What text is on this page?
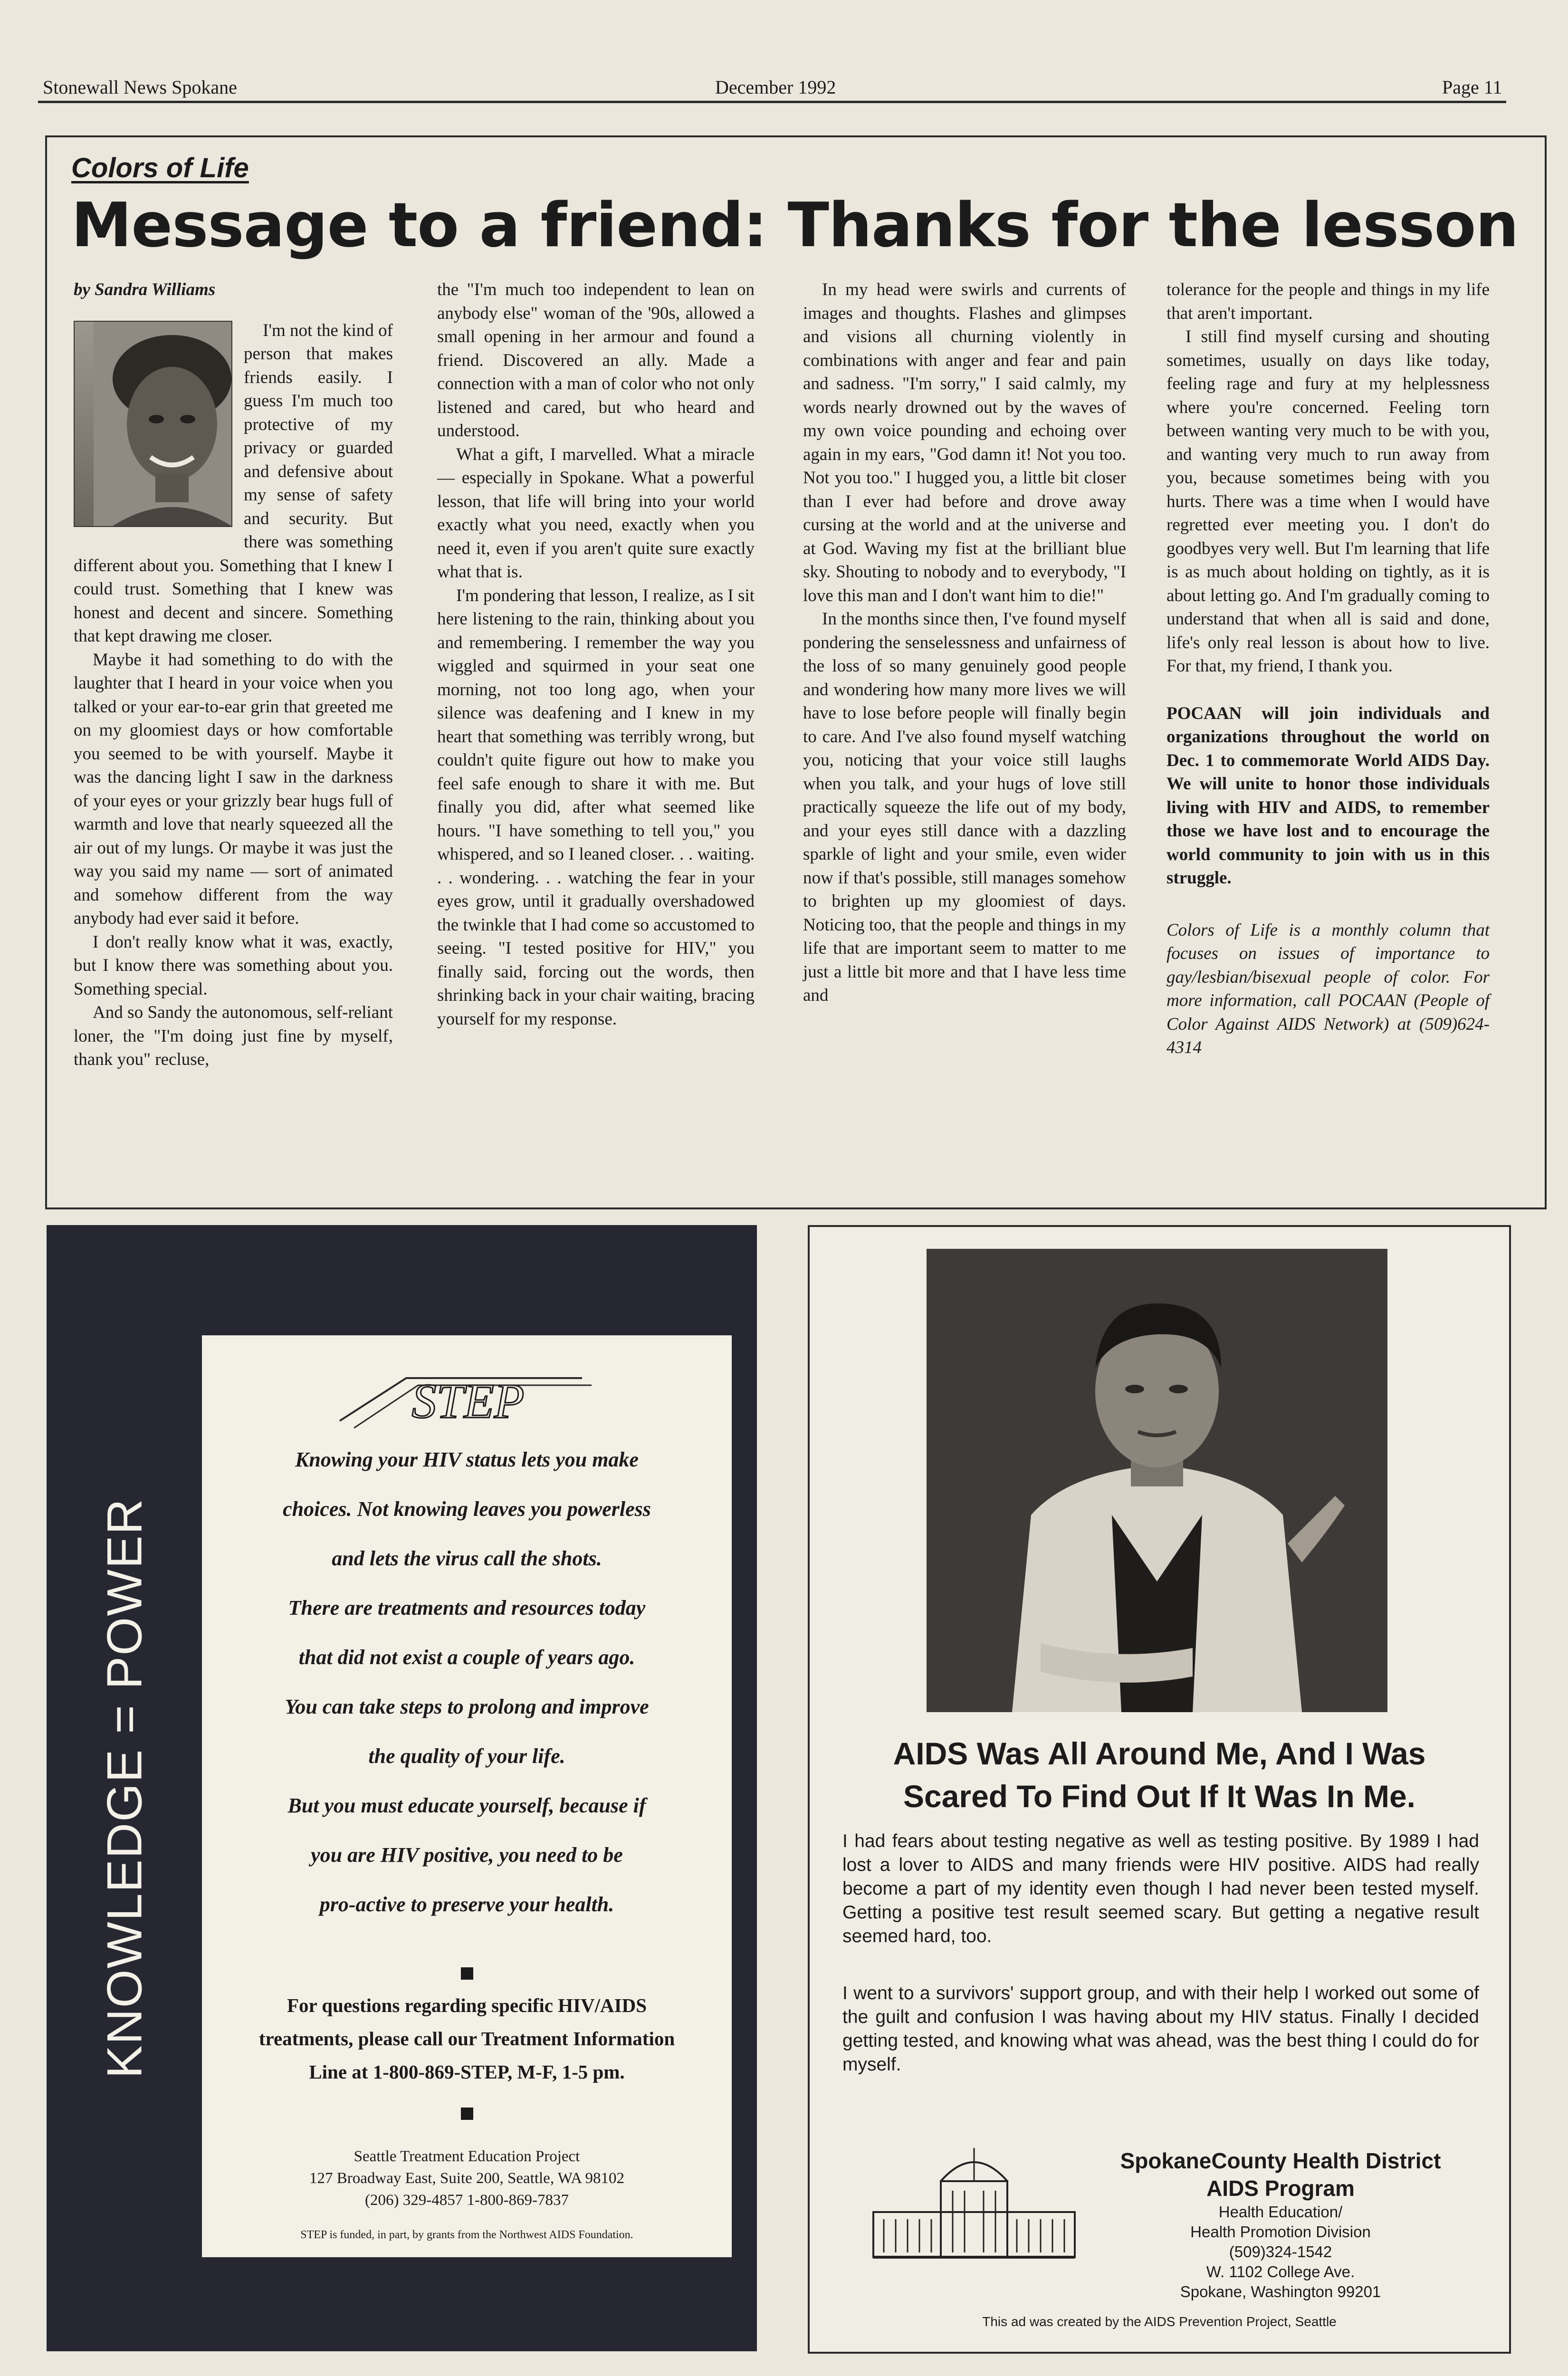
Stonewall News Spokane	December 1992	Page 11
Colors of Life
Message to a friend: Thanks for the lesson
by Sandra Williams

I'm not the kind of person that makes friends easily. I guess I'm much too protective of my privacy or guarded and defensive about my sense of safety and security. But there was something different about you. Something that I knew I could trust. Something that I knew was honest and decent and sincere. Something that kept drawing me closer.

Maybe it had something to do with the laughter that I heard in your voice when you talked or your ear-to-ear grin that greeted me on my gloomiest days or how comfortable you seemed to be with yourself. Maybe it was the dancing light I saw in the darkness of your eyes or your grizzly bear hugs full of warmth and love that nearly squeezed all the air out of my lungs. Or maybe it was just the way you said my name — sort of animated and somehow different from the way anybody had ever said it before.

I don't really know what it was, exactly, but I know there was something about you. Something special.

And so Sandy the autonomous, self-reliant loner, the "I'm doing just fine by myself, thank you" recluse,

the "I'm much too independent to lean on anybody else" woman of the '90s, allowed a small opening in her armour and found a friend. Discovered an ally. Made a connection with a man of color who not only listened and cared, but who heard and understood.

What a gift, I marvelled. What a miracle — especially in Spokane. What a powerful lesson, that life will bring into your world exactly what you need, exactly when you need it, even if you aren't quite sure exactly what that is.

I'm pondering that lesson, I realize, as I sit here listening to the rain, thinking about you and remembering. I remember the way you wiggled and squirmed in your seat one morning, not too long ago, when your silence was deafening and I knew in my heart that something was terribly wrong, but couldn't quite figure out how to make you feel safe enough to share it with me. But finally you did, after what seemed like hours. "I have something to tell you," you whispered, and so I leaned closer. . . waiting. . . wondering. . . watching the fear in your eyes grow, until it gradually overshadowed the twinkle that I had come so accustomed to seeing. "I tested positive for HIV," you finally said, forcing out the words, then shrinking back in your chair waiting, bracing yourself for my response.

In my head were swirls and currents of images and thoughts. Flashes and glimpses and visions all churning violently in combinations with anger and fear and pain and sadness. "I'm sorry," I said calmly, my words nearly drowned out by the waves of my own voice pounding and echoing over again in my ears, "God damn it! Not you too. Not you too." I hugged you, a little bit closer than I ever had before and drove away cursing at the world and at the universe and at God. Waving my fist at the brilliant blue sky. Shouting to nobody and to everybody, "I love this man and I don't want him to die!"

In the months since then, I've found myself pondering the senselessness and unfairness of the loss of so many genuinely good people and wondering how many more lives we will have to lose before people will finally begin to care. And I've also found myself watching you, noticing that your voice still laughs when you talk, and your hugs of love still practically squeeze the life out of my body, and your eyes still dance with a dazzling sparkle of light and your smile, even wider now if that's possible, still manages somehow to brighten up my gloomiest of days. Noticing too, that the people and things in my life that are important seem to matter to me just a little bit more and that I have less time and

tolerance for the people and things in my life that aren't important.

I still find myself cursing and shouting sometimes, usually on days like today, feeling rage and fury at my helplessness where you're concerned. Feeling torn between wanting very much to be with you, and wanting very much to run away from you, because sometimes being with you hurts. There was a time when I would have regretted ever meeting you. I don't do goodbyes very well. But I'm learning that life is as much about holding on tightly, as it is about letting go. And I'm gradually coming to understand that when all is said and done, life's only real lesson is about how to live. For that, my friend, I thank you.

POCAAN will join individuals and organizations throughout the world on Dec. 1 to commemorate World AIDS Day. We will unite to honor those individuals living with HIV and AIDS, to remember those we have lost and to encourage the world community to join with us in this struggle.

Colors of Life is a monthly column that focuses on issues of importance to gay/lesbian/bisexual people of color. For more information, call POCAAN (People of Color Against AIDS Network) at (509)624-4314

KNOWLEDGE = POWER
STEP
Knowing your HIV status lets you make
choices. Not knowing leaves you powerless
and lets the virus call the shots.
There are treatments and resources today
that did not exist a couple of years ago.
You can take steps to prolong and improve
the quality of your life.
But you must educate yourself, because if
you are HIV positive, you need to be
pro-active to preserve your health.
For questions regarding specific HIV/AIDS
treatments, please call our Treatment Information
Line at 1-800-869-STEP, M-F, 1-5 pm.
Seattle Treatment Education Project
127 Broadway East, Suite 200, Seattle, WA 98102
(206) 329-4857 1-800-869-7837
STEP is funded, in part, by grants from the Northwest AIDS Foundation.
AIDS Was All Around Me, And I Was
Scared To Find Out If It Was In Me.
I had fears about testing negative as well as testing positive. By 1989 I had lost a lover to AIDS and many friends were HIV positive. AIDS had really become a part of my identity even though I had never been tested myself. Getting a positive test result seemed scary. But getting a negative result seemed hard, too.
I went to a survivors' support group, and with their help I worked out some of the guilt and confusion I was having about my HIV status. Finally I decided getting tested, and knowing what was ahead, was the best thing I could do for myself.
SpokaneCounty Health District
AIDS Program
Health Education/
Health Promotion Division
(509)324-1542
W. 1102 College Ave.
Spokane, Washington 99201
This ad was created by the AIDS Prevention Project, Seattle
